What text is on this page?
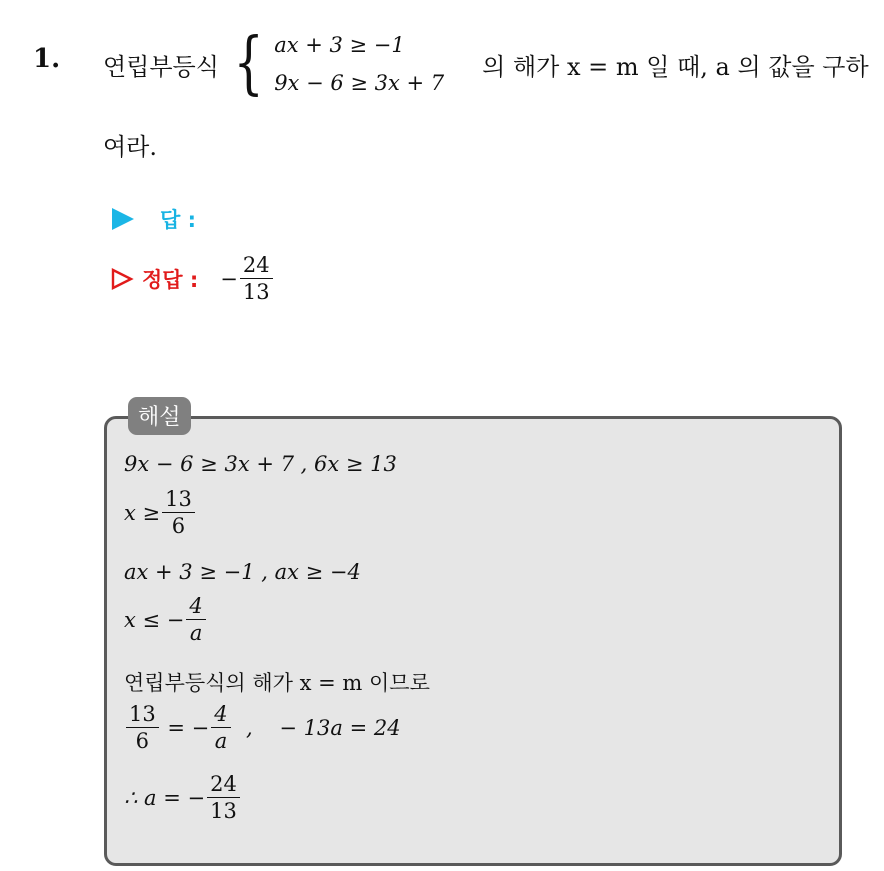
1. 연립부등식 { ax + 3 ≥ −1
9x − 6 ≥ 3x + 7
의 해가 x = m 일 때, a 의 값을 구하
여라.
답 :
정답 : − $\frac{24}{13}$
해설
9x − 6 ≥ 3x + 7 , 6x ≥ 13
$x \ge \frac{13}{6}$
ax + 3 ≥ −1 , ax ≥ −4
x ≤ − $\frac{4}{a}$
연립부등식의 해가 x = m 이므로
$\frac{13}{6}$ = − $\frac{4}{a}$ ,    − 13a = 24
∴ a = − $\frac{24}{13}$
